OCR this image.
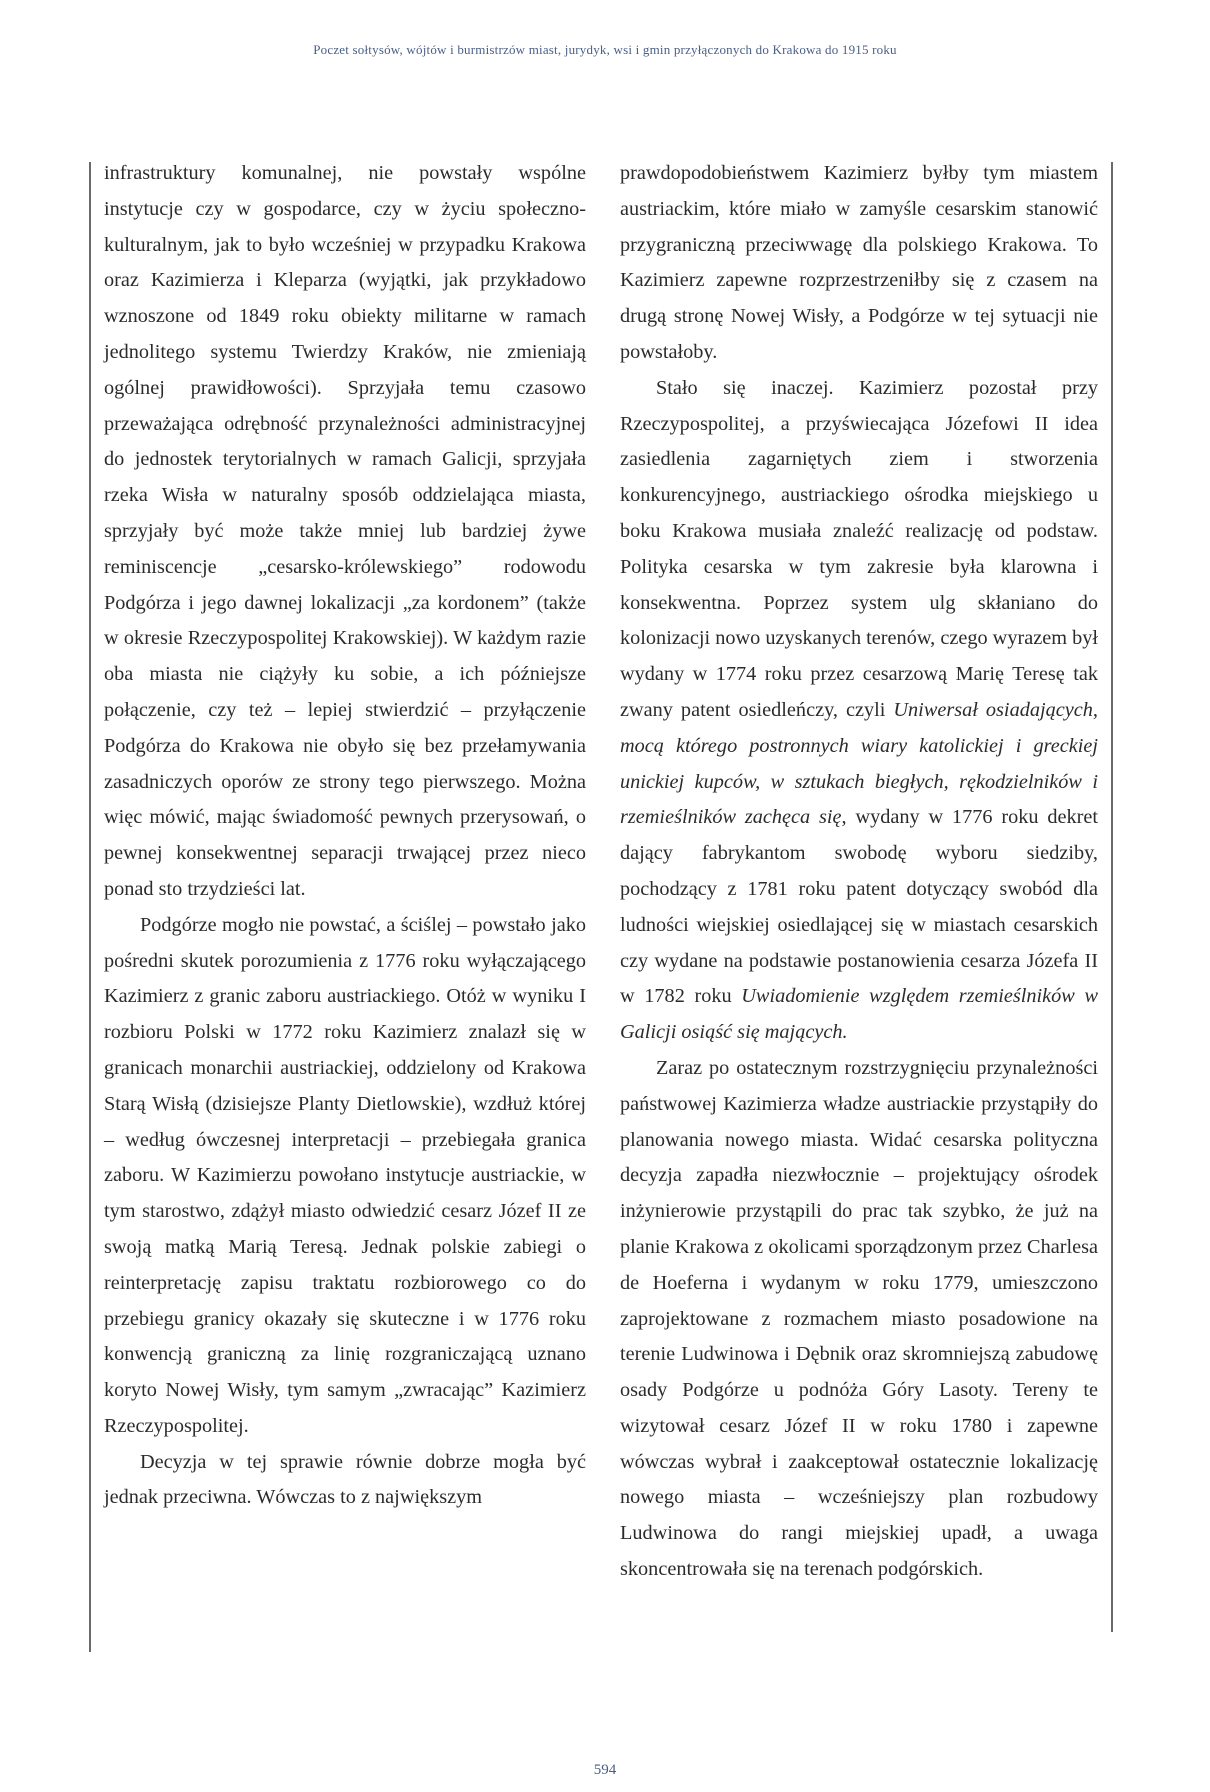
Poczet sołtysów, wójtów i burmistrzów miast, jurydyk, wsi i gmin przyłączonych do Krakowa do 1915 roku

infrastruktury komunalnej, nie powstały wspólne instytucje czy w gospodarce, czy w życiu społeczno-kulturalnym, jak to było wcześniej w przypadku Krakowa oraz Kazimierza i Kleparza (wyjątki, jak przykładowo wznoszone od 1849 roku obiekty militarne w ramach jednolitego systemu Twierdzy Kraków, nie zmieniają ogólnej prawidłowości). Sprzyjała temu czasowo przeważająca odrębność przynależności administracyjnej do jednostek terytorialnych w ramach Galicji, sprzyjała rzeka Wisła w naturalny sposób oddzielająca miasta, sprzyjały być może także mniej lub bardziej żywe reminiscencje „cesarsko-królewskiego” rodowodu Podgórza i jego dawnej lokalizacji „za kordonem” (także w okresie Rzeczypospolitej Krakowskiej). W każdym razie oba miasta nie ciążyły ku sobie, a ich późniejsze połączenie, czy też – lepiej stwierdzić – przyłączenie Podgórza do Krakowa nie obyło się bez przełamywania zasadniczych oporów ze strony tego pierwszego. Można więc mówić, mając świadomość pewnych przerysowań, o pewnej konsekwentnej separacji trwającej przez nieco ponad sto trzydzieści lat.

Podgórze mogło nie powstać, a ściślej – powstało jako pośredni skutek porozumienia z 1776 roku wyłączającego Kazimierz z granic zaboru austriackiego. Otóż w wyniku I rozbioru Polski w 1772 roku Kazimierz znalazł się w granicach monarchii austriackiej, oddzielony od Krakowa Starą Wisłą (dzisiejsze Planty Dietlowskie), wzdłuż której – według ówczesnej interpretacji – przebiegała granica zaboru. W Kazimierzu powołano instytucje austriackie, w tym starostwo, zdążył miasto odwiedzić cesarz Józef II ze swoją matką Marią Teresą. Jednak polskie zabiegi o reinterpretację zapisu traktatu rozbiorowego co do przebiegu granicy okazały się skuteczne i w 1776 roku konwencją graniczną za linię rozgraniczającą uznano koryto Nowej Wisły, tym samym „zwracając” Kazimierz Rzeczypospolitej.

Decyzja w tej sprawie równie dobrze mogła być jednak przeciwna. Wówczas to z największym

prawdopodobieństwem Kazimierz byłby tym miastem austriackim, które miało w zamyśle cesarskim stanowić przygraniczną przeciwwagę dla polskiego Krakowa. To Kazimierz zapewne rozprzestrzeniłby się z czasem na drugą stronę Nowej Wisły, a Podgórze w tej sytuacji nie powstałoby.

Stało się inaczej. Kazimierz pozostał przy Rzeczypospolitej, a przyświecająca Józefowi II idea zasiedlenia zagarniętych ziem i stworzenia konkurencyjnego, austriackiego ośrodka miejskiego u boku Krakowa musiała znaleźć realizację od podstaw. Polityka cesarska w tym zakresie była klarowna i konsekwentna. Poprzez system ulg skłaniano do kolonizacji nowo uzyskanych terenów, czego wyrazem był wydany w 1774 roku przez cesarzową Marię Teresę tak zwany patent osiedleńczy, czyli Uniwersał osiadających, mocą którego postronnych wiary katolickiej i greckiej unickiej kupców, w sztukach biegłych, rękodzielników i rzemieślników zachęca się, wydany w 1776 roku dekret dający fabrykantom swobodę wyboru siedziby, pochodzący z 1781 roku patent dotyczący swobód dla ludności wiejskiej osiedlającej się w miastach cesarskich czy wydane na podstawie postanowienia cesarza Józefa II w 1782 roku Uwiadomienie względem rzemieślników w Galicji osiąść się mających.

Zaraz po ostatecznym rozstrzygnięciu przynależności państwowej Kazimierza władze austriackie przystąpiły do planowania nowego miasta. Widać cesarska polityczna decyzja zapadła niezwłocznie – projektujący ośrodek inżynierowie przystąpili do prac tak szybko, że już na planie Krakowa z okolicami sporządzonym przez Charlesa de Hoeferna i wydanym w roku 1779, umieszczono zaprojektowane z rozmachem miasto posadowione na terenie Ludwinowa i Dębnik oraz skromniejszą zabudowę osady Podgórze u podnóża Góry Lasoty. Tereny te wizytował cesarz Józef II w roku 1780 i zapewne wówczas wybrał i zaakceptował ostatecznie lokalizację nowego miasta – wcześniejszy plan rozbudowy Ludwinowa do rangi miejskiej upadł, a uwaga skoncentrowała się na terenach podgórskich.

594
